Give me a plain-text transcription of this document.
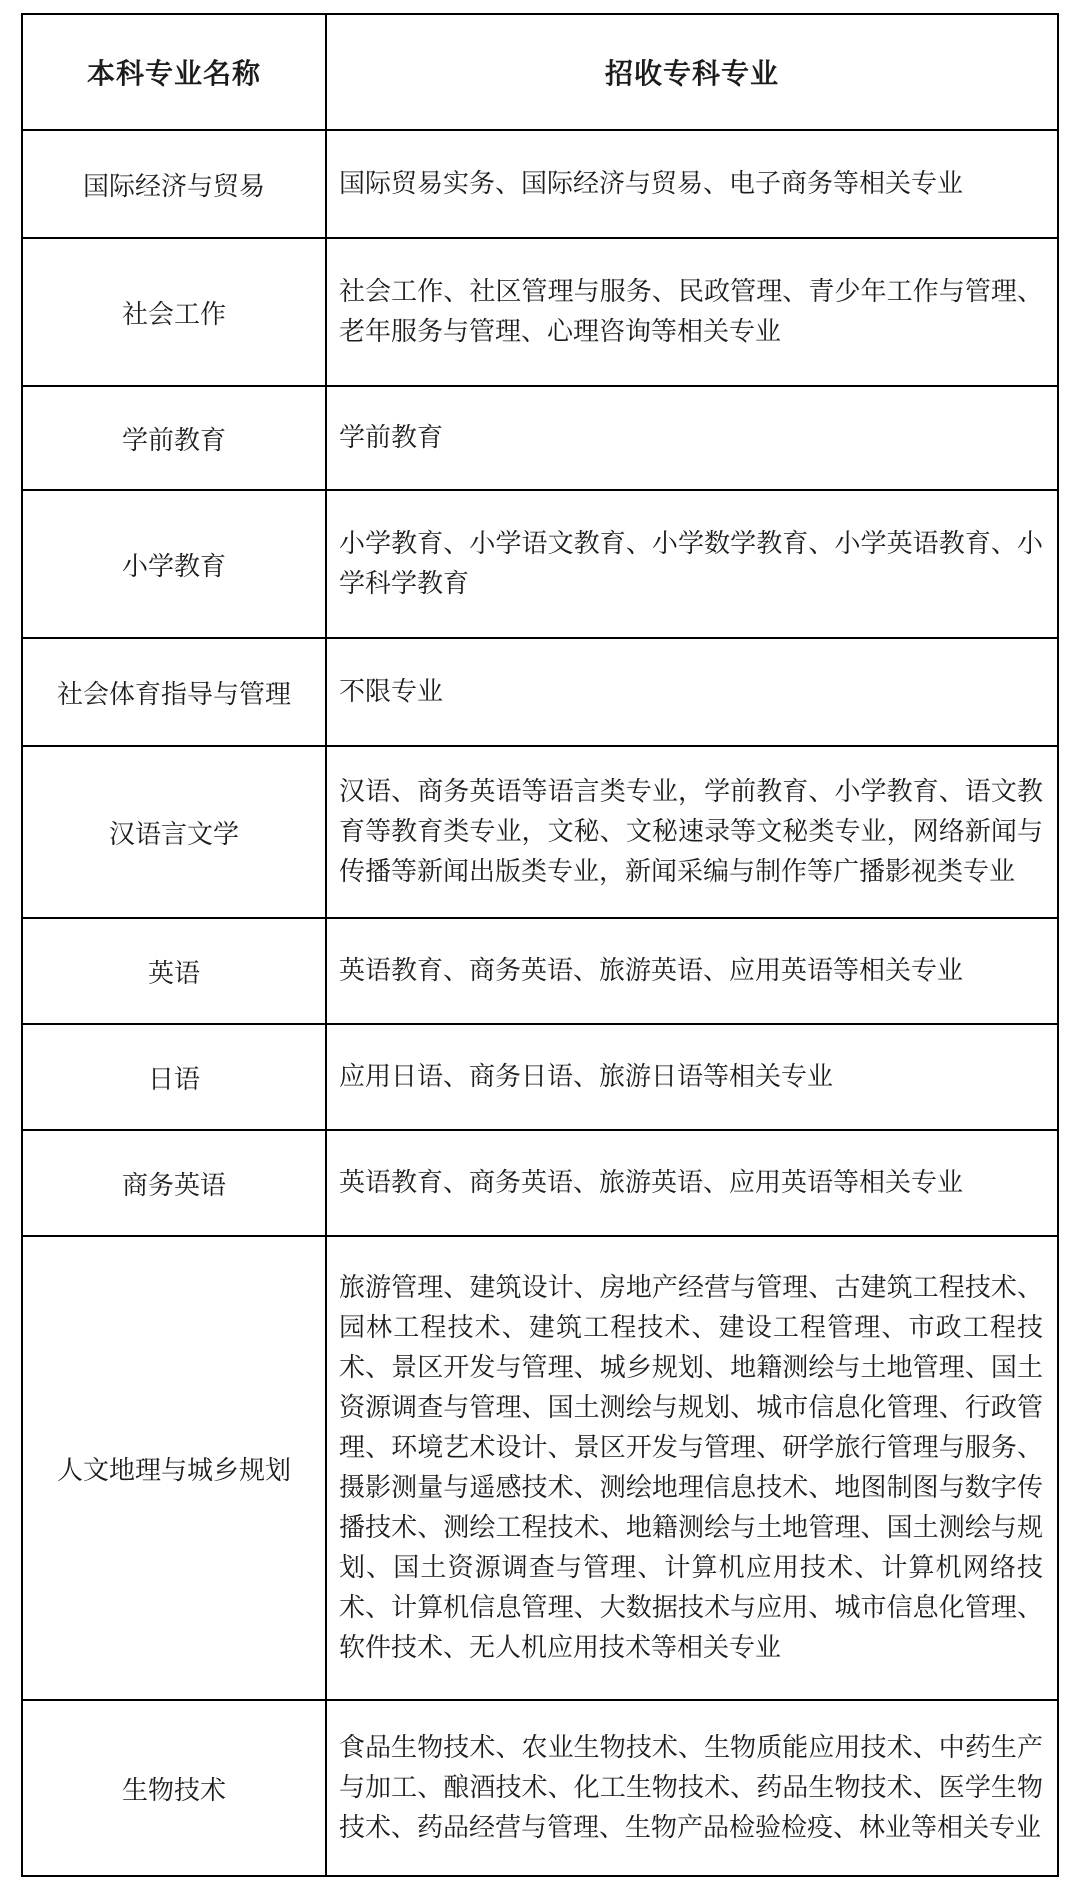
本科专业名称	招收专科专业
国际经济与贸易	国际贸易实务、国际经济与贸易、电子商务等相关专业
社会工作	社会工作、社区管理与服务、民政管理、青少年工作与管理、老年服务与管理、心理咨询等相关专业
学前教育	学前教育
小学教育	小学教育、小学语文教育、小学数学教育、小学英语教育、小学科学教育
社会体育指导与管理	不限专业
汉语言文学	汉语、商务英语等语言类专业，学前教育、小学教育、语文教育等教育类专业，文秘、文秘速录等文秘类专业，网络新闻与传播等新闻出版类专业，新闻采编与制作等广播影视类专业
英语	英语教育、商务英语、旅游英语、应用英语等相关专业
日语	应用日语、商务日语、旅游日语等相关专业
商务英语	英语教育、商务英语、旅游英语、应用英语等相关专业
人文地理与城乡规划	旅游管理、建筑设计、房地产经营与管理、古建筑工程技术、园林工程技术、建筑工程技术、建设工程管理、市政工程技术、景区开发与管理、城乡规划、地籍测绘与土地管理、国土资源调查与管理、国土测绘与规划、城市信息化管理、行政管理、环境艺术设计、景区开发与管理、研学旅行管理与服务、摄影测量与遥感技术、测绘地理信息技术、地图制图与数字传播技术、测绘工程技术、地籍测绘与土地管理、国土测绘与规划、国土资源调查与管理、计算机应用技术、计算机网络技术、计算机信息管理、大数据技术与应用、城市信息化管理、软件技术、无人机应用技术等相关专业
生物技术	食品生物技术、农业生物技术、生物质能应用技术、中药生产与加工、酿酒技术、化工生物技术、药品生物技术、医学生物技术、药品经营与管理、生物产品检验检疫、林业等相关专业
